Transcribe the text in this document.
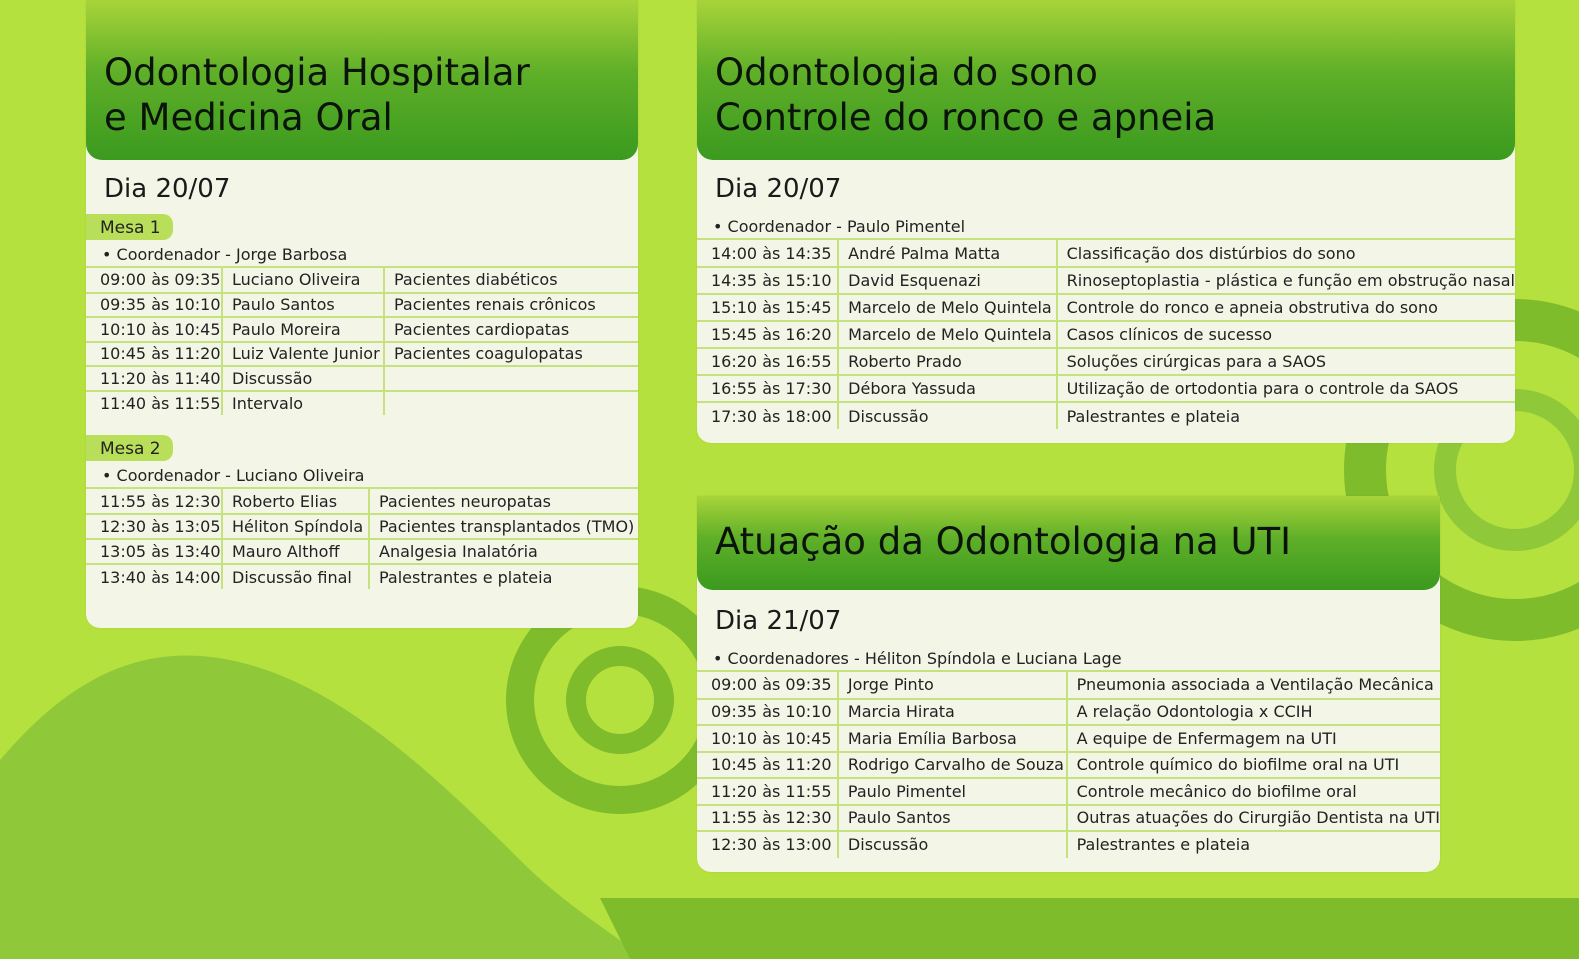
Odontologia Hospitalar
e Medicina Oral
Dia 20/07
Mesa 1
• Coordenador - Jorge Barbosa
09:00 às 09:35	Luciano Oliveira	Pacientes diabéticos
09:35 às 10:10	Paulo Santos	Pacientes renais crônicos
10:10 às 10:45	Paulo Moreira	Pacientes cardiopatas
10:45 às 11:20	Luiz Valente Junior	Pacientes coagulopatas
11:20 às 11:40	Discussão	
11:40 às 11:55	Intervalo	
Mesa 2
• Coordenador - Luciano Oliveira
11:55 às 12:30	Roberto Elias	Pacientes neuropatas
12:30 às 13:05	Héliton Spíndola	Pacientes transplantados (TMO)
13:05 às 13:40	Mauro Althoff	Analgesia Inalatória
13:40 às 14:00	Discussão final	Palestrantes e plateia
Odontologia do sono
Controle do ronco e apneia
Dia 20/07
• Coordenador - Paulo Pimentel
14:00 às 14:35	André Palma Matta	Classificação dos distúrbios do sono
14:35 às 15:10	David Esquenazi	Rinoseptoplastia - plástica e função em obstrução nasal
15:10 às 15:45	Marcelo de Melo Quintela	Controle do ronco e apneia obstrutiva do sono
15:45 às 16:20	Marcelo de Melo Quintela	Casos clínicos de sucesso
16:20 às 16:55	Roberto Prado	Soluções cirúrgicas para a SAOS
16:55 às 17:30	Débora Yassuda	Utilização de ortodontia para o controle da SAOS
17:30 às 18:00	Discussão	Palestrantes e plateia
Atuação da Odontologia na UTI
Dia 21/07
• Coordenadores - Héliton Spíndola e Luciana Lage
09:00 às 09:35	Jorge Pinto	Pneumonia associada a Ventilação Mecânica
09:35 às 10:10	Marcia Hirata	A relação Odontologia x CCIH
10:10 às 10:45	Maria Emília Barbosa	A equipe de Enfermagem na UTI
10:45 às 11:20	Rodrigo Carvalho de Souza	Controle químico do biofilme oral na UTI
11:20 às 11:55	Paulo Pimentel	Controle mecânico do biofilme oral
11:55 às 12:30	Paulo Santos	Outras atuações do Cirurgião Dentista na UTI
12:30 às 13:00	Discussão	Palestrantes e plateia
